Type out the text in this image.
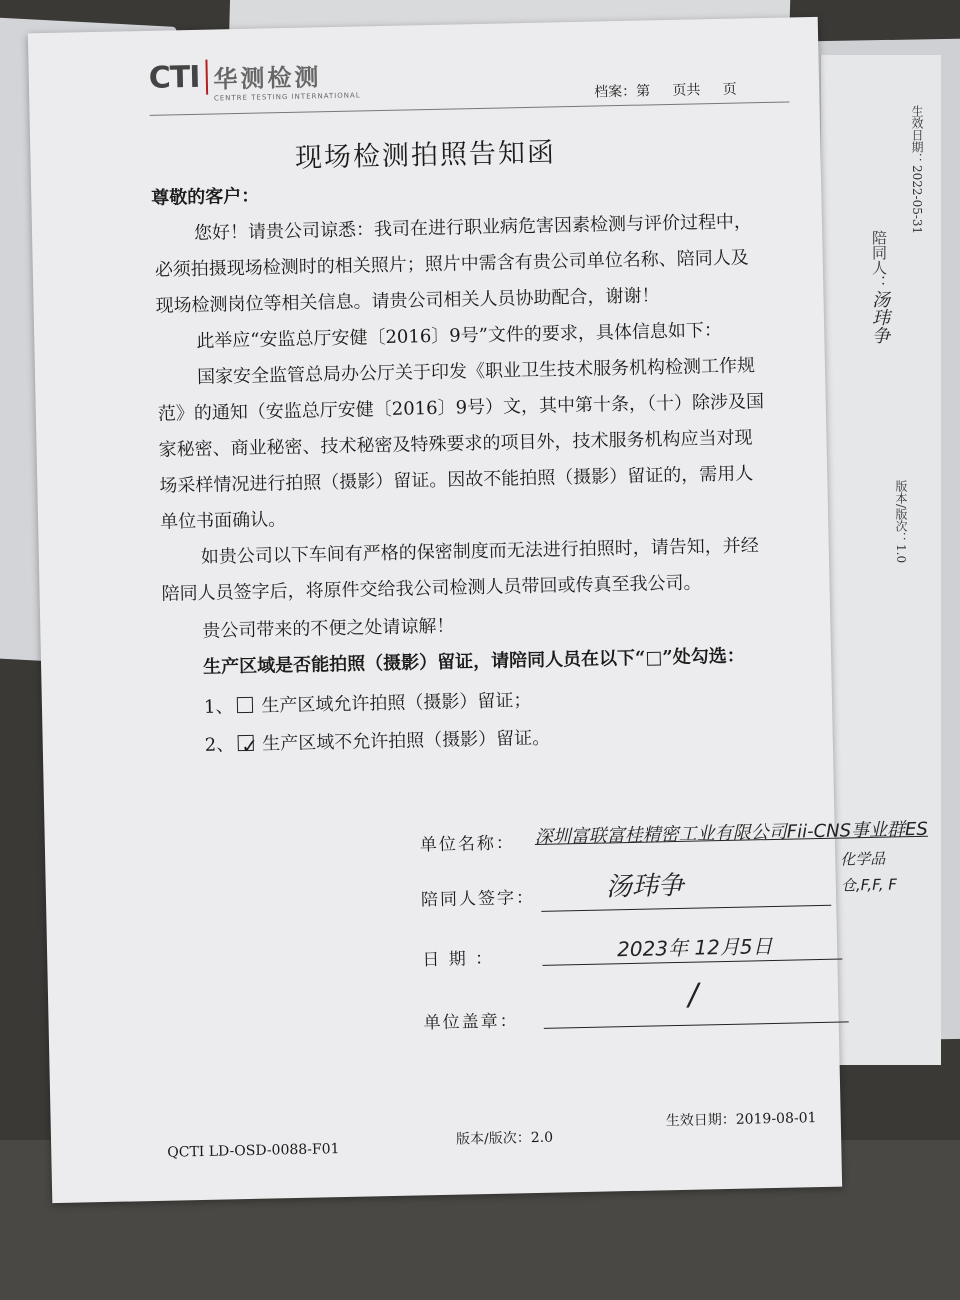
生效日期：2022-05-31
陪同人：汤玮争
版本/版次：1.0
CTI 华测检测
CENTRE TESTING INTERNATIONAL	档案：第     页共     页
现场检测拍照告知函
尊敬的客户：
您好！请贵公司谅悉：我司在进行职业病危害因素检测与评价过程中，
必须拍摄现场检测时的相关照片；照片中需含有贵公司单位名称、陪同人及
现场检测岗位等相关信息。请贵公司相关人员协助配合，谢谢！
此举应“安监总厅安健〔2016〕9号”文件的要求，具体信息如下：
国家安全监管总局办公厅关于印发《职业卫生技术服务机构检测工作规
范》的通知（安监总厅安健〔2016〕9号）文，其中第十条，（十）除涉及国
家秘密、商业秘密、技术秘密及特殊要求的项目外，技术服务机构应当对现
场采样情况进行拍照（摄影）留证。因故不能拍照（摄影）留证的，需用人
单位书面确认。
如贵公司以下车间有严格的保密制度而无法进行拍照时，请告知，并经
陪同人员签字后，将原件交给我公司检测人员带回或传真至我公司。
贵公司带来的不便之处请谅解！
生产区域是否能拍照（摄影）留证，请陪同人员在以下“□”处勾选：
1、 生产区域允许拍照（摄影）留证；
2、 ✓ 生产区域不允许拍照（摄影）留证。
单位名称： 深圳富联富桂精密工业有限公司Fii-CNS事业群ES
化学品仓,F,F, F
陪同人签字：	汤玮争
日 期 ：	2023年 12月5日
单位盖章：
/
QCTI LD-OSD-0088-F01
版本/版次：2.0
生效日期：2019-08-01
